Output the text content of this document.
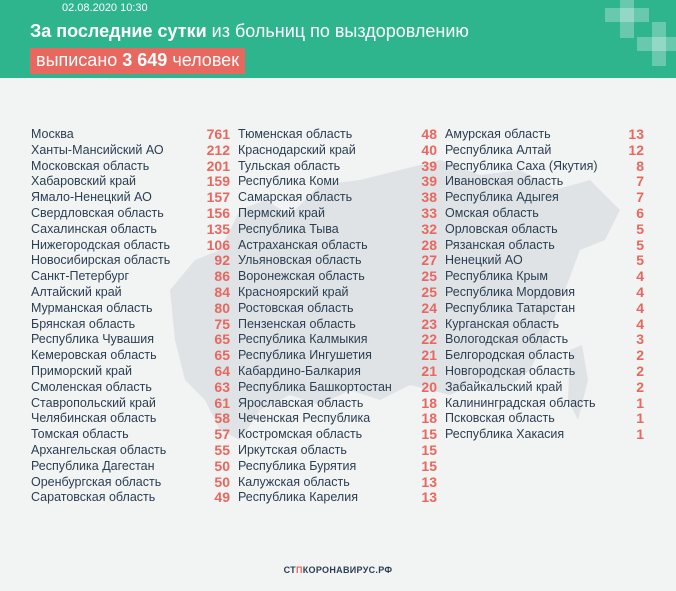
02.08.2020 10:30
За последние сутки из больниц по выздоровлению
выписано 3 649 человек
Москва	761
Ханты-Мансийский АО	212
Московская область	201
Хабаровский край	159
Ямало-Ненецкий АО	157
Свердловская область	156
Сахалинская область	135
Нижегородская область	106
Новосибирская область	92
Санкт-Петербург	86
Алтайский край	84
Мурманская область	80
Брянская область	75
Республика Чувашия	65
Кемеровская область	65
Приморский край	64
Смоленская область	63
Ставропольский край	61
Челябинская область	58
Томская область	57
Архангельская область	55
Республика Дагестан	50
Оренбургская область	50
Саратовская область	49
Тюменская область	48
Краснодарский край	40
Тульская область	39
Республика Коми	39
Самарская область	38
Пермский край	33
Республика Тыва	32
Астраханская область	28
Ульяновская область	27
Воронежская область	25
Красноярский край	25
Ростовская область	24
Пензенская область	23
Республика Калмыкия	22
Республика Ингушетия	21
Кабардино-Балкария	21
Республика Башкортостан 20
Ярославская область	18
Чеченская Республика	18
Костромская область	15
Иркутская область	15
Республика Бурятия	15
Калужская область	13
Республика Карелия	13
Амурская область	13
Республика Алтай	12
Республика Саха (Якутия)	8
Ивановская область	7
Республика Адыгея	7
Омская область	6
Орловская область	5
Рязанская область	5
Ненецкий АО	5
Республика Крым	4
Республика Мордовия	4
Республика Татарстан	4
Курганская область	4
Вологодская область	3
Белгородская область	2
Новгородская область	2
Забайкальский край	2
Калининградская область	1
Псковская область	1
Республика Хакасия	1
СТПКОРОНАВИРУС.РФ
